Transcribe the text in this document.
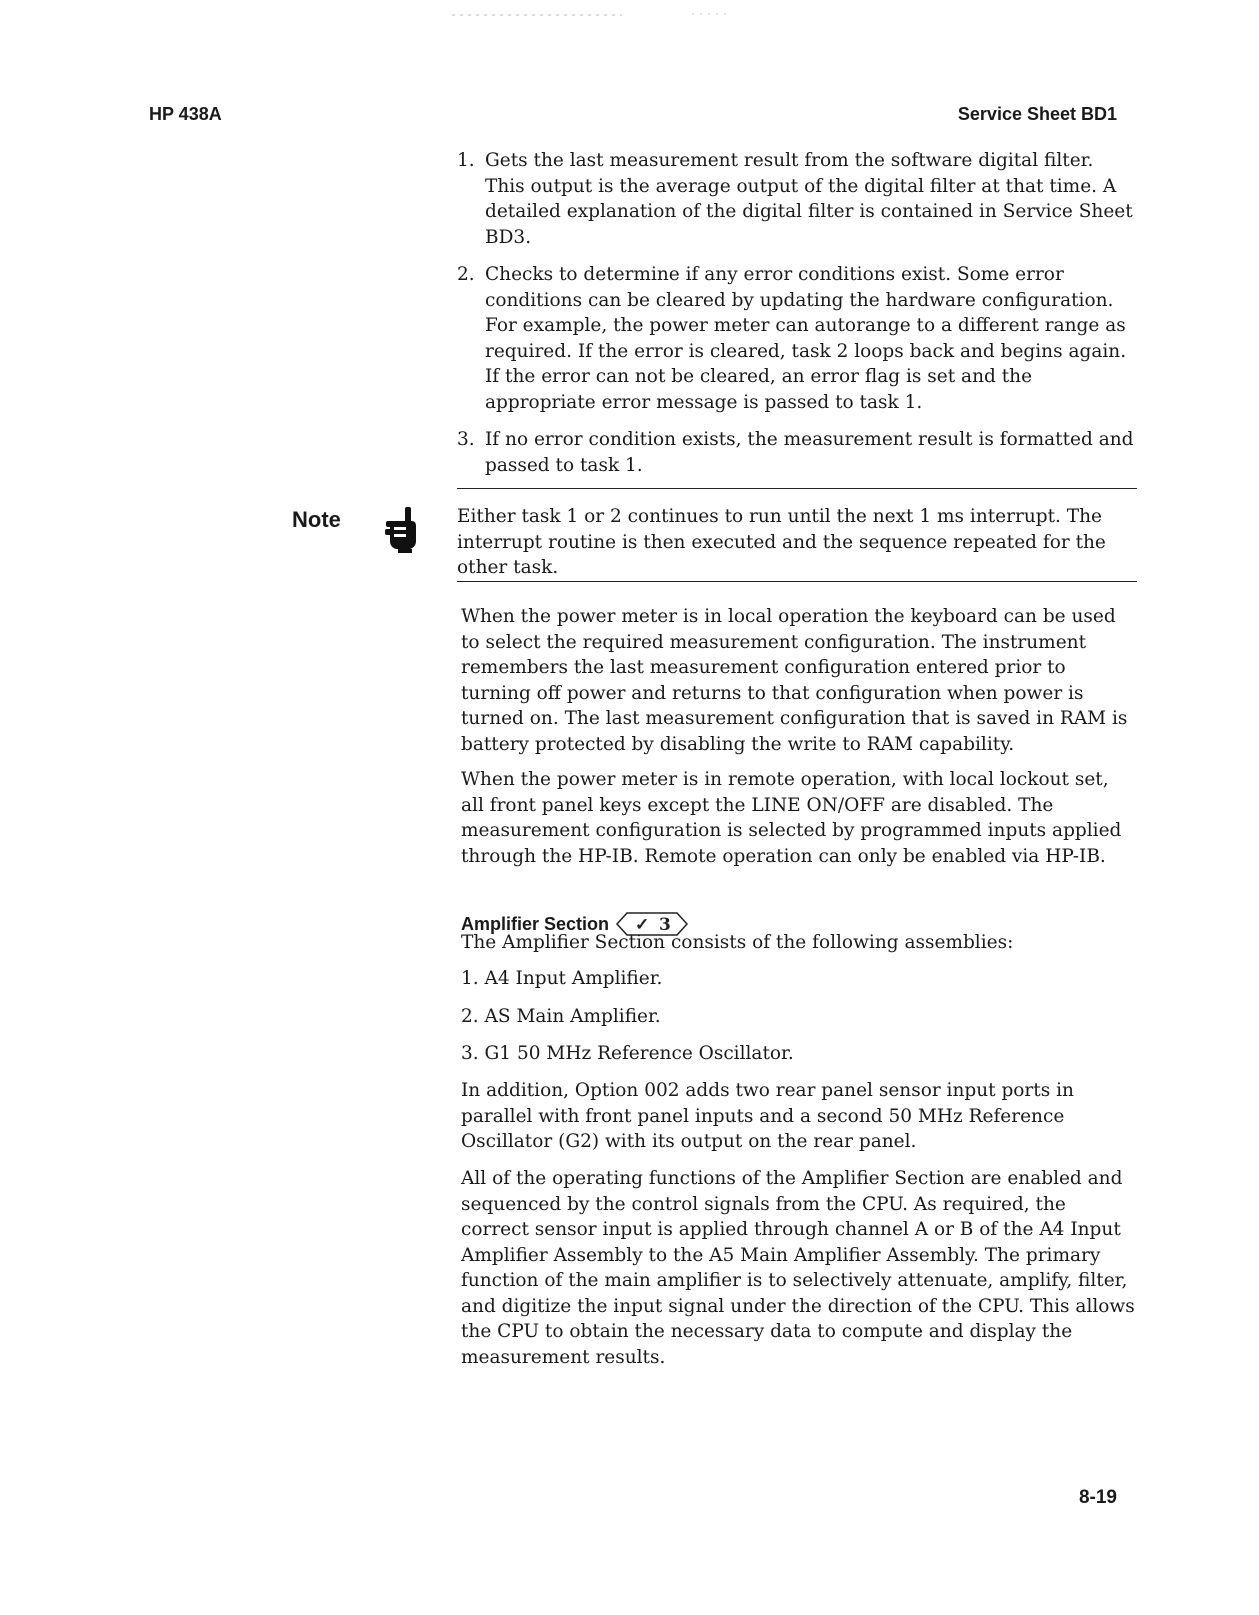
HP 438A	Service Sheet BD1
1. Gets the last measurement result from the software digital filter. This output is the average output of the digital filter at that time. A detailed explanation of the digital filter is contained in Service Sheet BD3.
2. Checks to determine if any error conditions exist. Some error conditions can be cleared by updating the hardware configuration. For example, the power meter can autorange to a different range as required. If the error is cleared, task 2 loops back and begins again. If the error can not be cleared, an error flag is set and the appropriate error message is passed to task 1.
3. If no error condition exists, the measurement result is formatted and passed to task 1.
Note	Either task 1 or 2 continues to run until the next 1 ms interrupt. The interrupt routine is then executed and the sequence repeated for the other task.

When the power meter is in local operation the keyboard can be used to select the required measurement configuration. The instrument remembers the last measurement configuration entered prior to turning off power and returns to that configuration when power is turned on. The last measurement configuration that is saved in RAM is battery protected by disabling the write to RAM capability.

When the power meter is in remote operation, with local lockout set, all front panel keys except the LINE ON/OFF are disabled. The measurement configuration is selected by programmed inputs applied through the HP-IB. Remote operation can only be enabled via HP-IB.

Amplifier Section ✓ 3

The Amplifier Section consists of the following assemblies:

1. A4 Input Amplifier.
2. AS Main Amplifier.
3. G1 50 MHz Reference Oscillator.

In addition, Option 002 adds two rear panel sensor input ports in parallel with front panel inputs and a second 50 MHz Reference Oscillator (G2) with its output on the rear panel.

All of the operating functions of the Amplifier Section are enabled and sequenced by the control signals from the CPU. As required, the correct sensor input is applied through channel A or B of the A4 Input Amplifier Assembly to the A5 Main Amplifier Assembly. The primary function of the main amplifier is to selectively attenuate, amplify, filter, and digitize the input signal under the direction of the CPU. This allows the CPU to obtain the necessary data to compute and display the measurement results.

8-19
